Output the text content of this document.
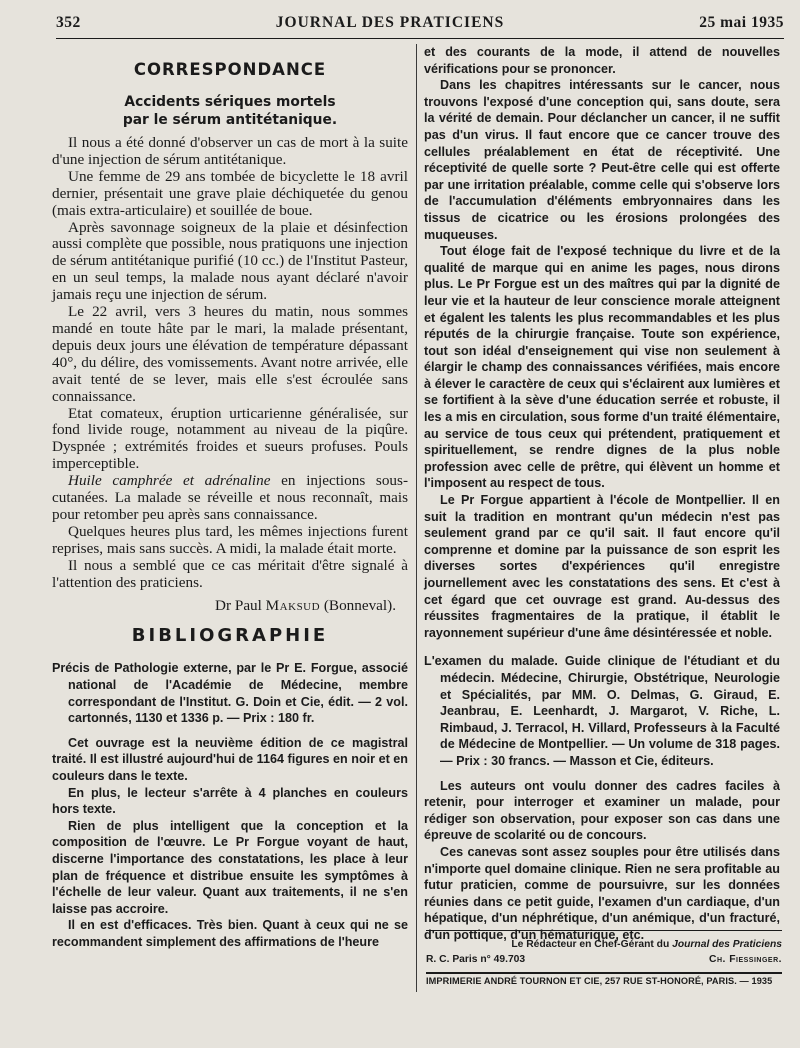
352	JOURNAL DES PRATICIENS	25 mai 1935
CORRESPONDANCE
Accidents sériques mortels
par le sérum antitétanique.

Il nous a été donné d'observer un cas de mort à la suite d'une injection de sérum antitétanique.

Une femme de 29 ans tombée de bicyclette le 18 avril dernier, présentait une grave plaie déchiquetée du genou (mais extra-articulaire) et souillée de boue.

Après savonnage soigneux de la plaie et désinfection aussi complète que possible, nous pratiquons une injection de sérum antitétanique purifié (10 cc.) de l'Institut Pasteur, en un seul temps, la malade nous ayant déclaré n'avoir jamais reçu une injection de sérum.

Le 22 avril, vers 3 heures du matin, nous sommes mandé en toute hâte par le mari, la malade présentant, depuis deux jours une élévation de température dépassant 40°, du délire, des vomissements. Avant notre arrivée, elle avait tenté de se lever, mais elle s'est écroulée sans connaissance.

Etat comateux, éruption urticarienne généralisée, sur fond livide rouge, notamment au niveau de la piqûre. Dyspnée ; extrémités froides et sueurs profuses. Pouls imperceptible.

Huile camphrée et adrénaline en injections sous-cutanées. La malade se réveille et nous reconnaît, mais pour retomber peu après sans connaissance.

Quelques heures plus tard, les mêmes injections furent reprises, mais sans succès. A midi, la malade était morte.

Il nous a semblé que ce cas méritait d'être signalé à l'attention des praticiens.

Dr Paul Maksud (Bonneval).
BIBLIOGRAPHIE

Précis de Pathologie externe, par le Pr E. Forgue, associé national de l'Académie de Médecine, membre correspondant de l'Institut. G. Doin et Cie, édit. — 2 vol. cartonnés, 1130 et 1336 p. — Prix : 180 fr.

Cet ouvrage est la neuvième édition de ce magistral traité. Il est illustré aujourd'hui de 1164 figures en noir et en couleurs dans le texte.

En plus, le lecteur s'arrête à 4 planches en couleurs hors texte.

Rien de plus intelligent que la conception et la composition de l'œuvre. Le Pr Forgue voyant de haut, discerne l'importance des constatations, les place à leur plan de fréquence et distribue ensuite les symptômes à l'échelle de leur valeur. Quant aux traitements, il ne s'en laisse pas accroire.

Il en est d'efficaces. Très bien. Quant à ceux qui ne se recommandent simplement des affirmations de l'heure

et des courants de la mode, il attend de nouvelles vérifications pour se prononcer.

Dans les chapitres intéressants sur le cancer, nous trouvons l'exposé d'une conception qui, sans doute, sera la vérité de demain. Pour déclancher un cancer, il ne suffit pas d'un virus. Il faut encore que ce cancer trouve des cellules préalablement en état de réceptivité. Une réceptivité de quelle sorte ? Peut-être celle qui est offerte par une irritation préalable, comme celle qui s'observe lors de l'accumulation d'éléments embryonnaires dans les tissus de cicatrice ou les érosions prolongées des muqueuses.

Tout éloge fait de l'exposé technique du livre et de la qualité de marque qui en anime les pages, nous dirons plus. Le Pr Forgue est un des maîtres qui par la dignité de leur vie et la hauteur de leur conscience morale atteignent et égalent les talents les plus recommandables et les plus réputés de la chirurgie française. Toute son expérience, tout son idéal d'enseignement qui vise non seulement à élargir le champ des connaissances vérifiées, mais encore à élever le caractère de ceux qui s'éclairent aux lumières et se fortifient à la sève d'une éducation serrée et robuste, il les a mis en circulation, sous forme d'un traité élémentaire, au service de tous ceux qui prétendent, pratiquement et spirituellement, se rendre dignes de la plus noble profession avec celle de prêtre, qui élèvent un homme et l'imposent au respect de tous.

Le Pr Forgue appartient à l'école de Montpellier. Il en suit la tradition en montrant qu'un médecin n'est pas seulement grand par ce qu'il sait. Il faut encore qu'il comprenne et domine par la puissance de son esprit les diverses sortes d'expériences qu'il enregistre journellement avec les constatations des sens. Et c'est à cet égard que cet ouvrage est grand. Au-dessus des réussites fragmentaires de la pratique, il établit le rayonnement supérieur d'une âme désintéressée et noble.

L'examen du malade. Guide clinique de l'étudiant et du médecin. Médecine, Chirurgie, Obstétrique, Neurologie et Spécialités, par MM. O. Delmas, G. Giraud, E. Jeanbrau, E. Leenhardt, J. Margarot, V. Riche, L. Rimbaud, J. Terracol, H. Villard, Professeurs à la Faculté de Médecine de Montpellier. — Un volume de 318 pages. — Prix : 30 francs. — Masson et Cie, éditeurs.

Les auteurs ont voulu donner des cadres faciles à retenir, pour interroger et examiner un malade, pour rédiger son observation, pour exposer son cas dans une épreuve de scolarité ou de concours.

Ces canevas sont assez souples pour être utilisés dans n'importe quel domaine clinique. Rien ne sera profitable au futur praticien, comme de poursuivre, sur les données réunies dans ce petit guide, l'examen d'un cardiaque, d'un hépatique, d'un néphrétique, d'un anémique, d'un fracturé, d'un pottique, d'un hématurique, etc.

Le Rédacteur en Chef-Gérant du Journal des Praticiens
R. C. Paris n° 49.703	Ch. Fiessinger.
IMPRIMERIE ANDRÉ TOURNON ET CIE, 257 RUE ST-HONORÉ, PARIS. — 1935
